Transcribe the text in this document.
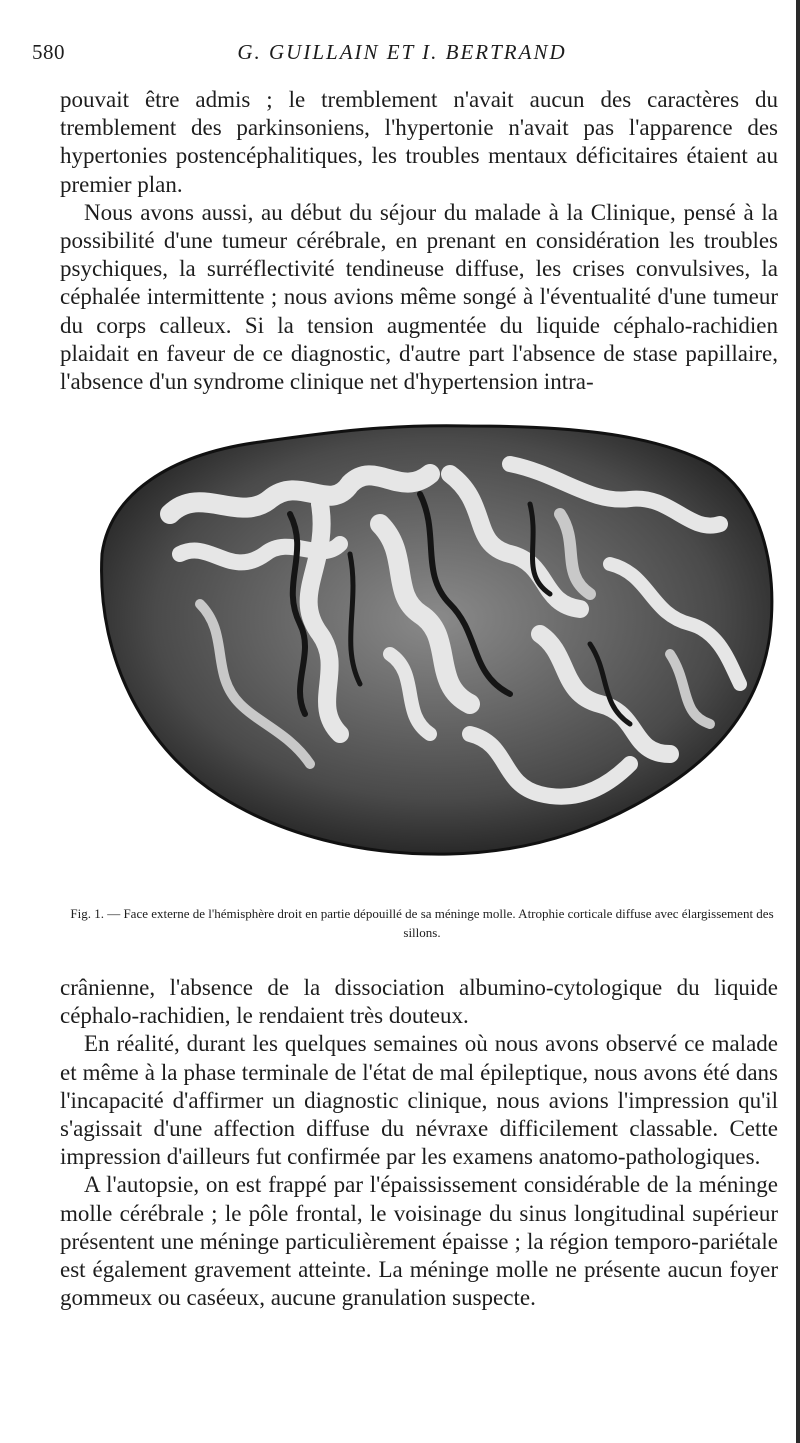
580	G. GUILLAIN ET I. BERTRAND

pouvait être admis ; le tremblement n'avait aucun des caractères du tremblement des parkinsoniens, l'hypertonie n'avait pas l'apparence des hypertonies postencéphalitiques, les troubles mentaux déficitaires étaient au premier plan.

Nous avons aussi, au début du séjour du malade à la Clinique, pensé à la possibilité d'une tumeur cérébrale, en prenant en considération les troubles psychiques, la surréflectivité tendineuse diffuse, les crises convulsives, la céphalée intermittente ; nous avions même songé à l'éventualité d'une tumeur du corps calleux. Si la tension augmentée du liquide céphalo-rachidien plaidait en faveur de ce diagnostic, d'autre part l'absence de stase papillaire, l'absence d'un syndrome clinique net d'hypertension intra-

Fig. 1. — Face externe de l'hémisphère droit en partie dépouillé de sa méninge molle. Atrophie corticale diffuse avec élargissement des sillons.

crânienne, l'absence de la dissociation albumino-cytologique du liquide céphalo-rachidien, le rendaient très douteux.

En réalité, durant les quelques semaines où nous avons observé ce malade et même à la phase terminale de l'état de mal épileptique, nous avons été dans l'incapacité d'affirmer un diagnostic clinique, nous avions l'impression qu'il s'agissait d'une affection diffuse du névraxe difficilement classable. Cette impression d'ailleurs fut confirmée par les examens anatomo-pathologiques.

A l'autopsie, on est frappé par l'épaississement considérable de la méninge molle cérébrale ; le pôle frontal, le voisinage du sinus longitudinal supérieur présentent une méninge particulièrement épaisse ; la région temporo-pariétale est également gravement atteinte. La méninge molle ne présente aucun foyer gommeux ou caséeux, aucune granulation suspecte.
